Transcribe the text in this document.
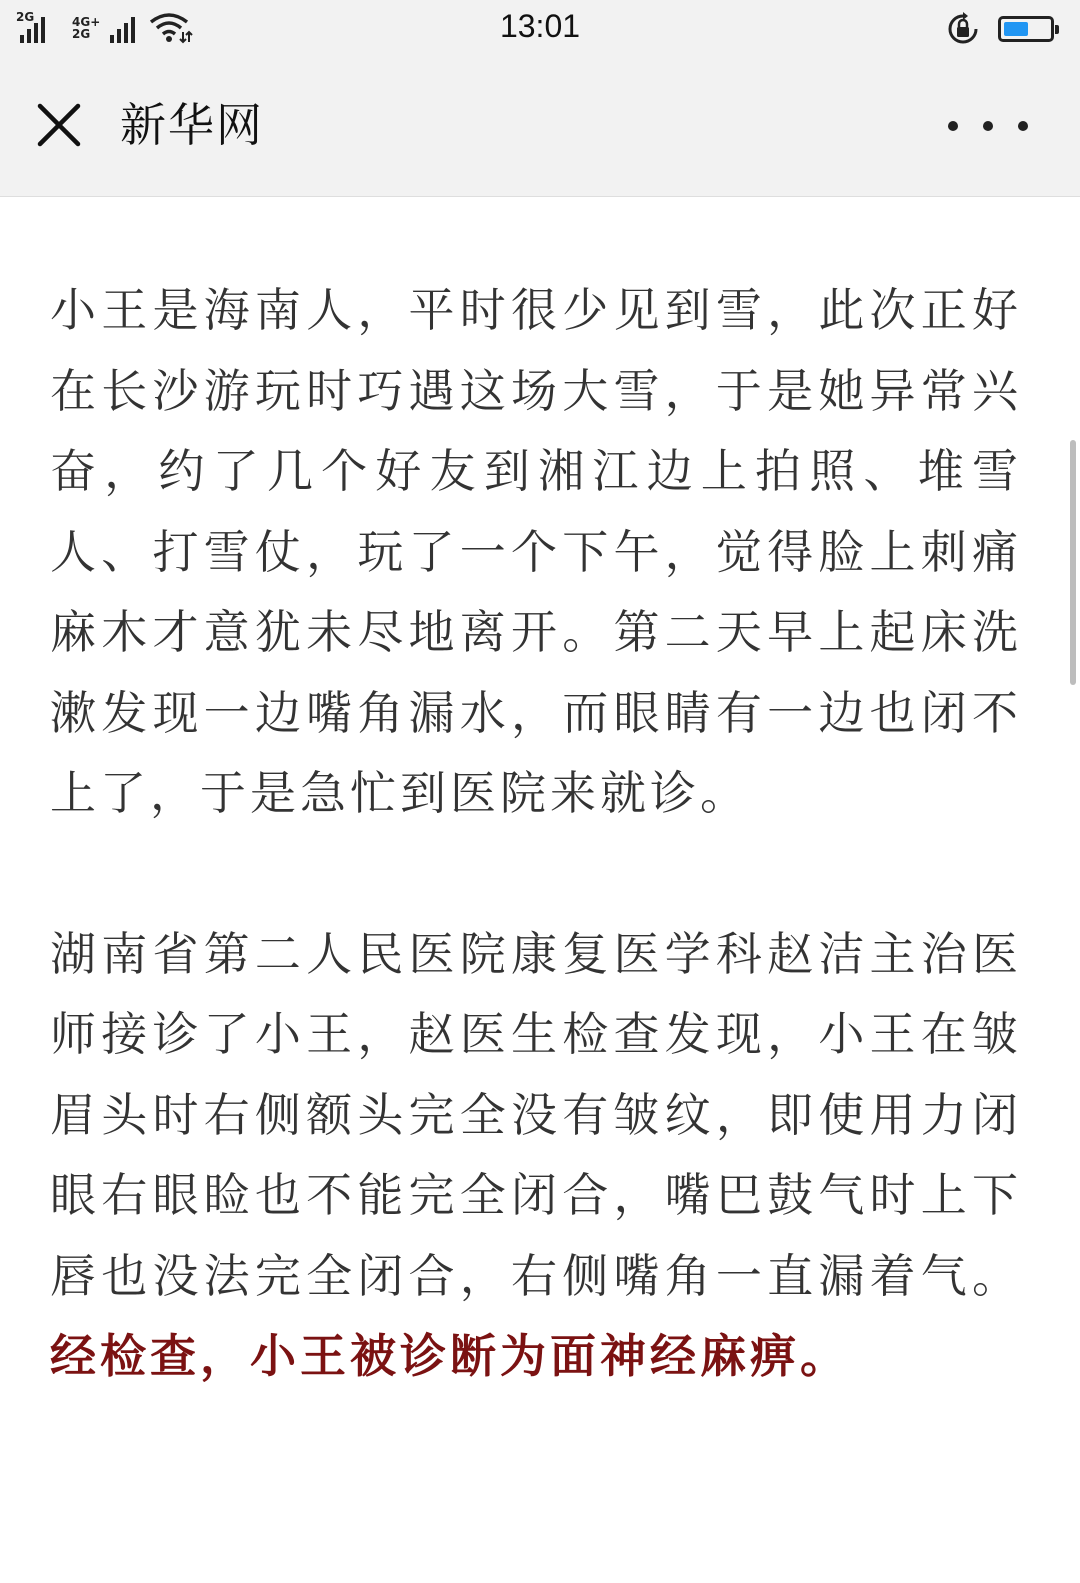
2G	4G+
2G	13:01
新华网

小王是海南人，平时很少见到雪，此次正好在长沙游玩时巧遇这场大雪，于是她异常兴奋，约了几个好友到湘江边上拍照、堆雪人、打雪仗，玩了一个下午，觉得脸上刺痛麻木才意犹未尽地离开。第二天早上起床洗漱发现一边嘴角漏水，而眼睛有一边也闭不上了，于是急忙到医院来就诊。

湖南省第二人民医院康复医学科赵洁主治医师接诊了小王，赵医生检查发现，小王在皱眉头时右侧额头完全没有皱纹，即使用力闭眼右眼睑也不能完全闭合，嘴巴鼓气时上下唇也没法完全闭合，右侧嘴角一直漏着气。经检查，小王被诊断为面神经麻痹。
